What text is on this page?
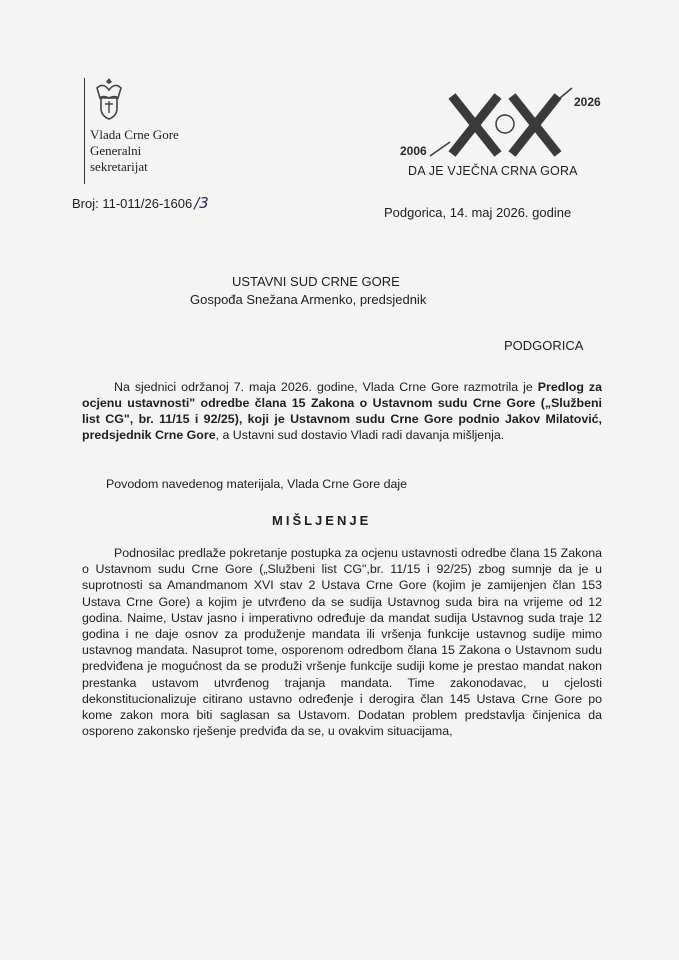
Vlada Crne Gore
Generalni
sekretarijat
2026
2006
DA JE VJEČNA CRNA GORA
Broj: 11-011/26-1606 /3
Podgorica, 14. maj 2026. godine
USTAVNI SUD CRNE GORE
Gospođa Snežana Armenko, predsjednik
PODGORICA

Na sjednici održanoj 7. maja 2026. godine, Vlada Crne Gore razmotrila je Predlog za ocjenu ustavnosti" odredbe člana 15 Zakona o Ustavnom sudu Crne Gore („Službeni list CG", br. 11/15 i 92/25), koji je Ustavnom sudu Crne Gore podnio Jakov Milatović, predsjednik Crne Gore, a Ustavni sud dostavio Vladi radi davanja mišljenja.

Povodom navedenog materijala, Vlada Crne Gore daje

MIŠLJENJE

Podnosilac predlaže pokretanje postupka za ocjenu ustavnosti odredbe člana 15 Zakona o Ustavnom sudu Crne Gore („Službeni list CG",br. 11/15 i 92/25) zbog sumnje da je u suprotnosti sa Amandmanom XVI stav 2 Ustava Crne Gore (kojim je zamijenjen član 153 Ustava Crne Gore) a kojim je utvrđeno da se sudija Ustavnog suda bira na vrijeme od 12 godina. Naime, Ustav jasno i imperativno određuje da mandat sudija Ustavnog suda traje 12 godina i ne daje osnov za produženje mandata ili vršenja funkcije ustavnog sudije mimo ustavnog mandata. Nasuprot tome, osporenom odredbom člana 15 Zakona o Ustavnom sudu predviđena je mogućnost da se produži vršenje funkcije sudiji kome je prestao mandat nakon prestanka ustavom utvrđenog trajanja mandata. Time zakonodavac, u cjelosti dekonstitucionalizuje citirano ustavno određenje i derogira član 145 Ustava Crne Gore po kome zakon mora biti saglasan sa Ustavom. Dodatan problem predstavlja činjenica da osporeno zakonsko rješenje predviđa da se, u ovakvim situacijama,
